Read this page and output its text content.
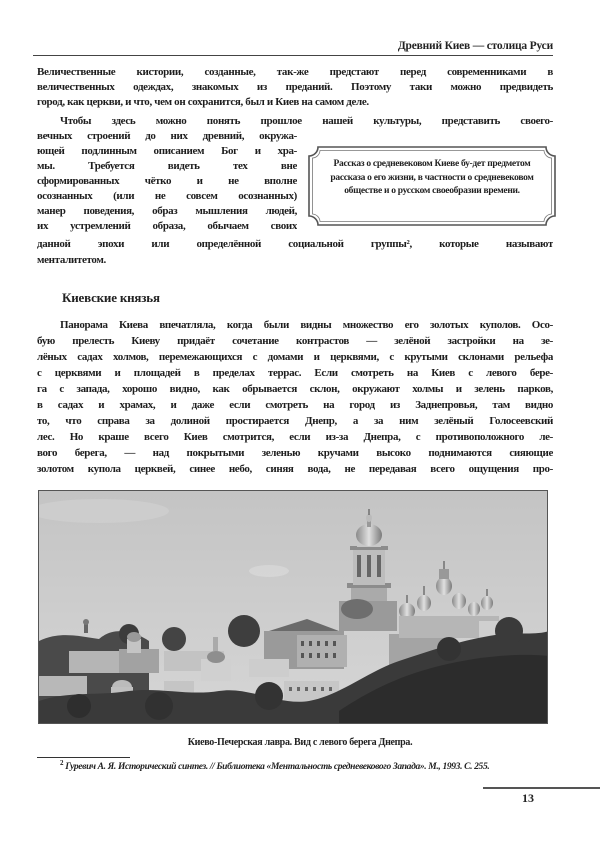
Древний Киев — столица Руси
Величественные кистории, созданные, так-же предстают перед современниками в
величественных одеждах, знакомых из преданий. Поэтому таки можно предвидеть
город, как церкви, и что, чем он сохранится, был и Киев на самом деле.
Чтобы здесь можно понять прошлое нашей культуры, представить своего-
вечных строений до них древний, окружа-
ющей подлинным описанием Бог и хра-
мы. Требуется видеть тех вне
сформированных чётко и не вполне
осознанных (или не совсем осознанных)
манер поведения, образ мышления людей,
их устремлений образа, обычаем своих
данной эпохи или определённой социальной группы², которые называют
менталитетом.
Рассказ о средневековом Киеве бу-дет предметом рассказа о его жизни, в частности о средневековом обществе и о русском своеобразии времени.
Киевские князья
Панорама Киева впечатляла, когда были видны множество его золотых куполов. Осо-
бую прелесть Киеву придаёт сочетание контрастов — зелёной застройки на зе-
лёных садах холмов, перемежающихся с домами и церквями, с крутыми склонами рельефа
с церквями и площадей в пределах террас. Если смотреть на Киев с левого бере-
га с запада, хорошо видно, как обрывается склон, окружают холмы и зелень парков,
в садах и храмах, и даже если смотреть на город из Заднепровья, там видно
то, что справа за долиной простирается Днепр, а за ним зелёный Голосеевский
лес. Но краше всего Киев смотрится, если из-за Днепра, с противоположного ле-
вого берега, — над покрытыми зеленью кручами высоко поднимаются сияющие
золотом купола церквей, синее небо, синяя вода, не передавая всего ощущения про-
Киево-Печерская лавра. Вид с левого берега Днепра.
$^2$ Гуревич А. Я. Исторический синтез. // Библиотека «Ментальность средневекового Запада». М., 1993. С. 255.
13
